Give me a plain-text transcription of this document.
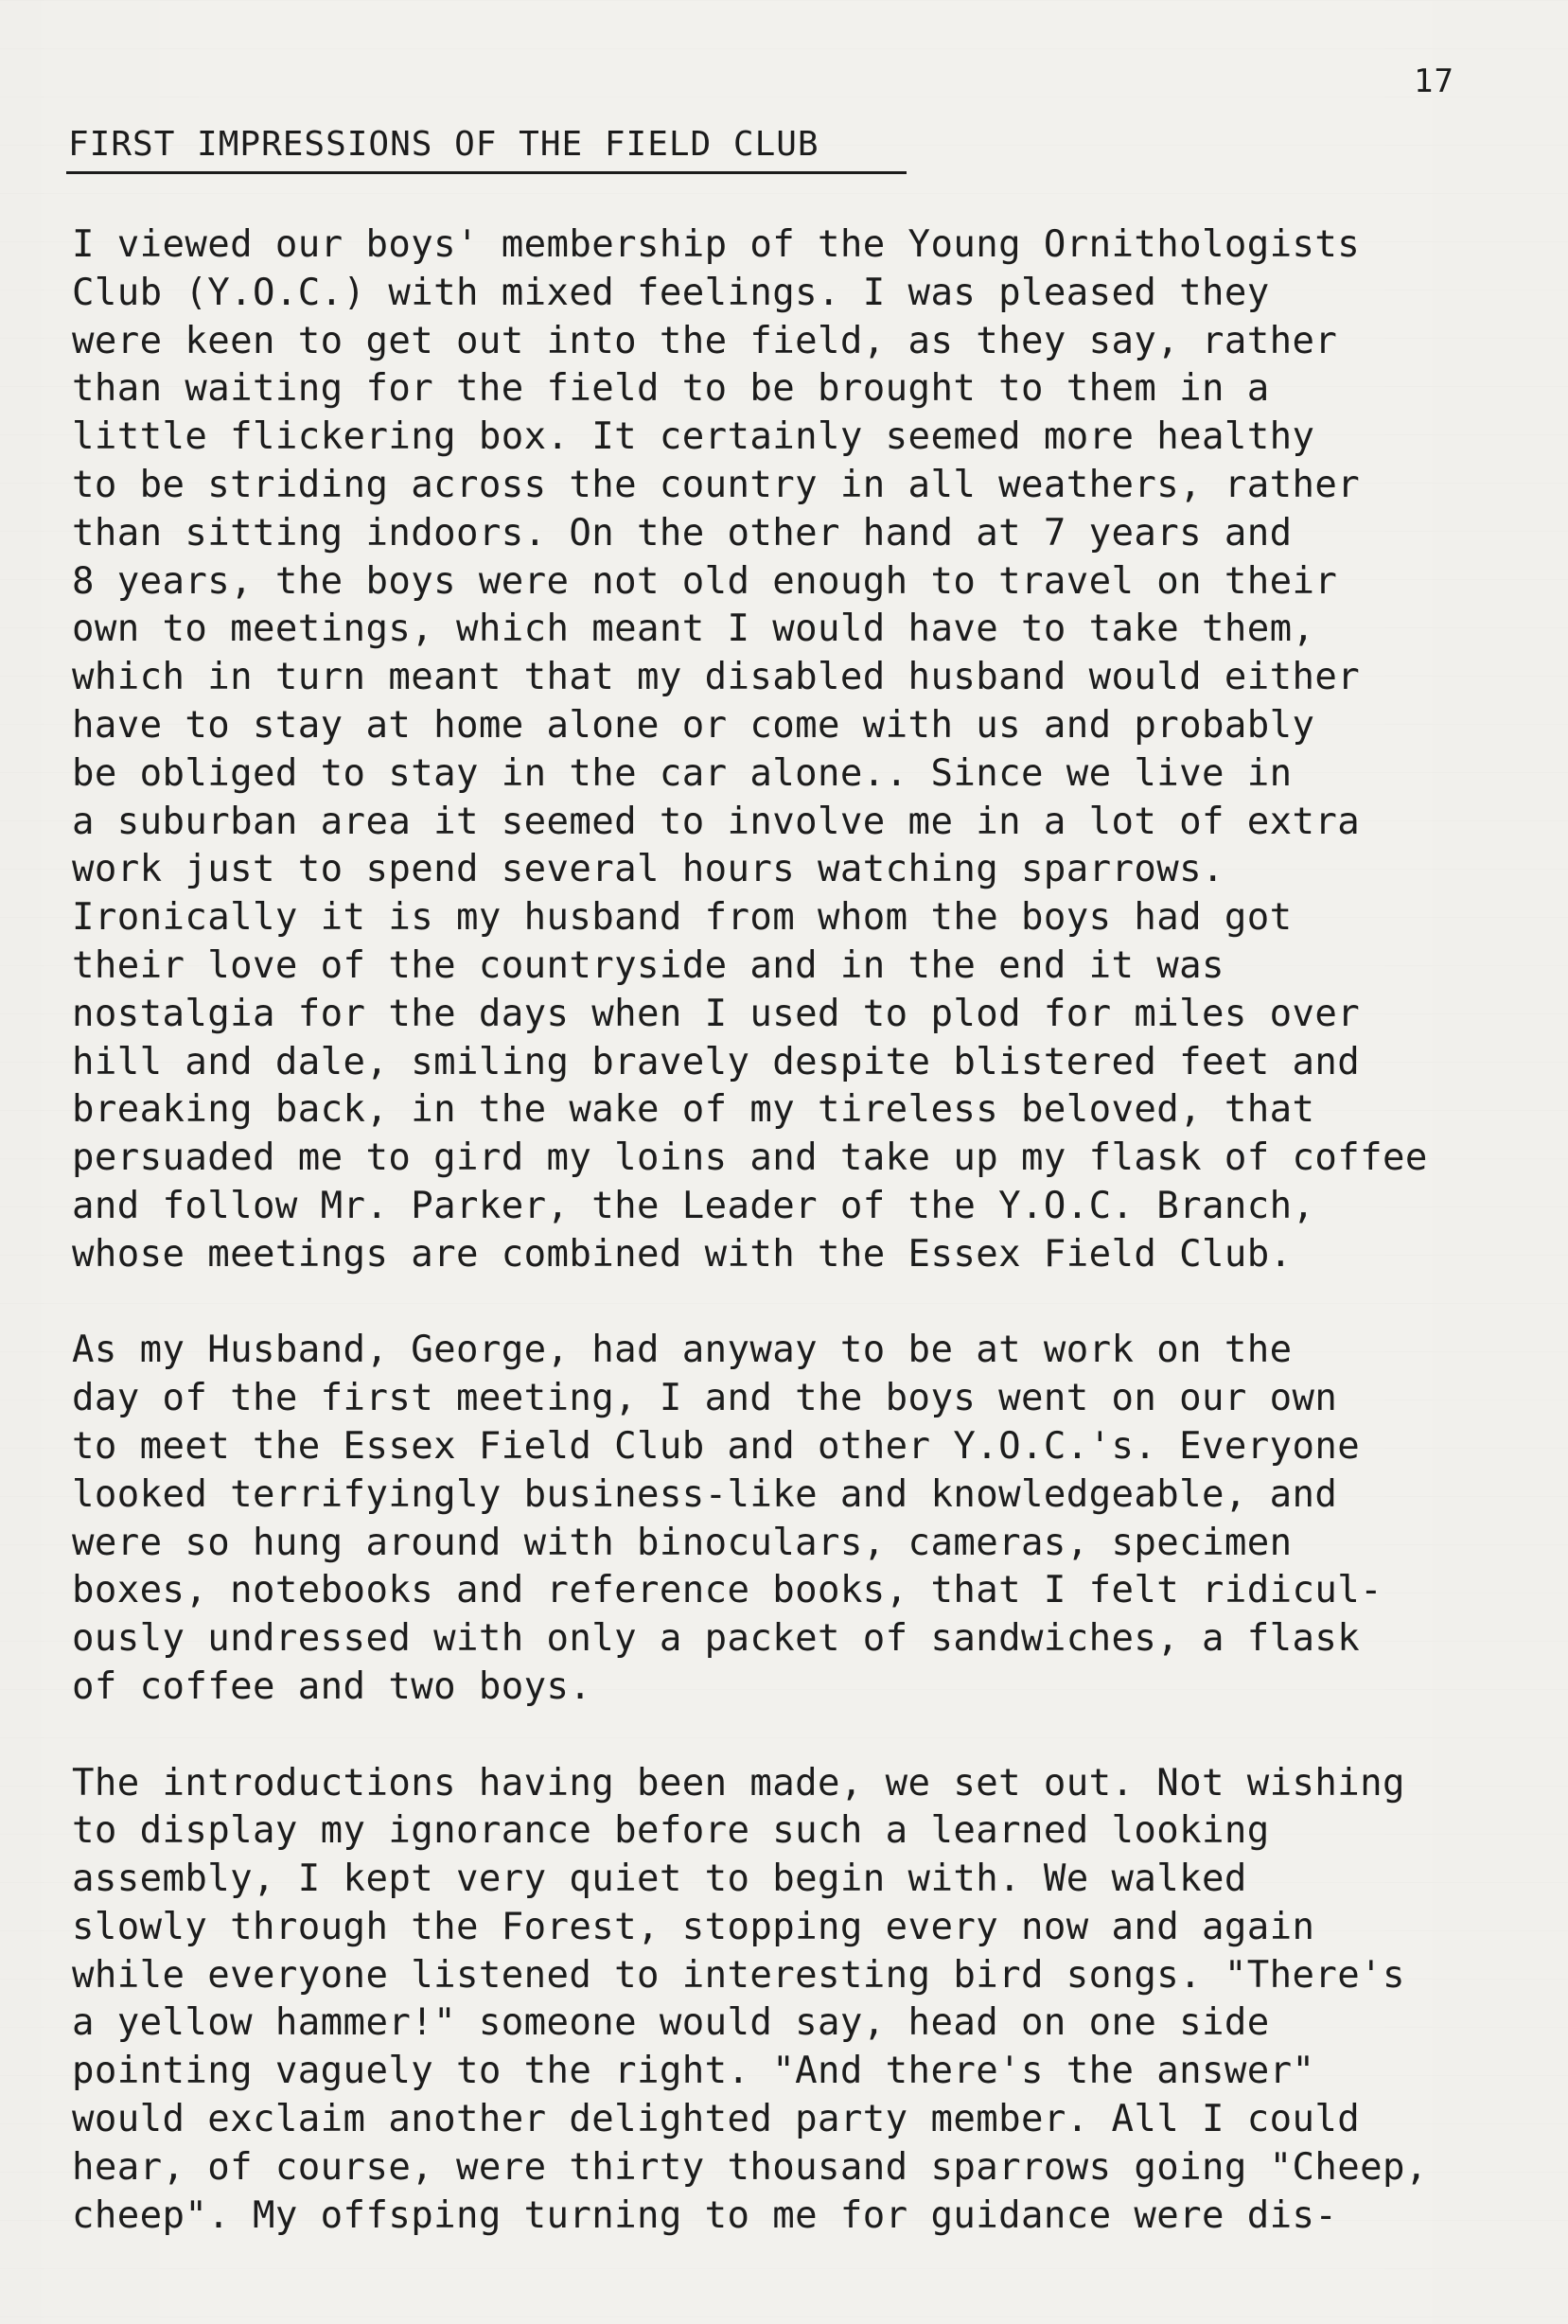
17
FIRST IMPRESSIONS OF THE FIELD CLUB
I viewed our boys' membership of the Young Ornithologists
Club (Y.O.C.) with mixed feelings. I was pleased they
were keen to get out into the field, as they say, rather
than waiting for the field to be brought to them in a
little flickering box. It certainly seemed more healthy
to be striding across the country in all weathers, rather
than sitting indoors. On the other hand at 7 years and
8 years, the boys were not old enough to travel on their
own to meetings, which meant I would have to take them,
which in turn meant that my disabled husband would either
have to stay at home alone or come with us and probably
be obliged to stay in the car alone.. Since we live in
a suburban area it seemed to involve me in a lot of extra
work just to spend several hours watching sparrows.
Ironically it is my husband from whom the boys had got
their love of the countryside and in the end it was
nostalgia for the days when I used to plod for miles over
hill and dale, smiling bravely despite blistered feet and
breaking back, in the wake of my tireless beloved, that
persuaded me to gird my loins and take up my flask of coffee
and follow Mr. Parker, the Leader of the Y.O.C. Branch,
whose meetings are combined with the Essex Field Club.
As my Husband, George, had anyway to be at work on the
day of the first meeting, I and the boys went on our own
to meet the Essex Field Club and other Y.O.C.'s. Everyone
looked terrifyingly business-like and knowledgeable, and
were so hung around with binoculars, cameras, specimen
boxes, notebooks and reference books, that I felt ridicul-
ously undressed with only a packet of sandwiches, a flask
of coffee and two boys.
The introductions having been made, we set out. Not wishing
to display my ignorance before such a learned looking
assembly, I kept very quiet to begin with. We walked
slowly through the Forest, stopping every now and again
while everyone listened to interesting bird songs. "There's
a yellow hammer!" someone would say, head on one side
pointing vaguely to the right. "And there's the answer"
would exclaim another delighted party member. All I could
hear, of course, were thirty thousand sparrows going "Cheep,
cheep". My offsping turning to me for guidance were dis-
